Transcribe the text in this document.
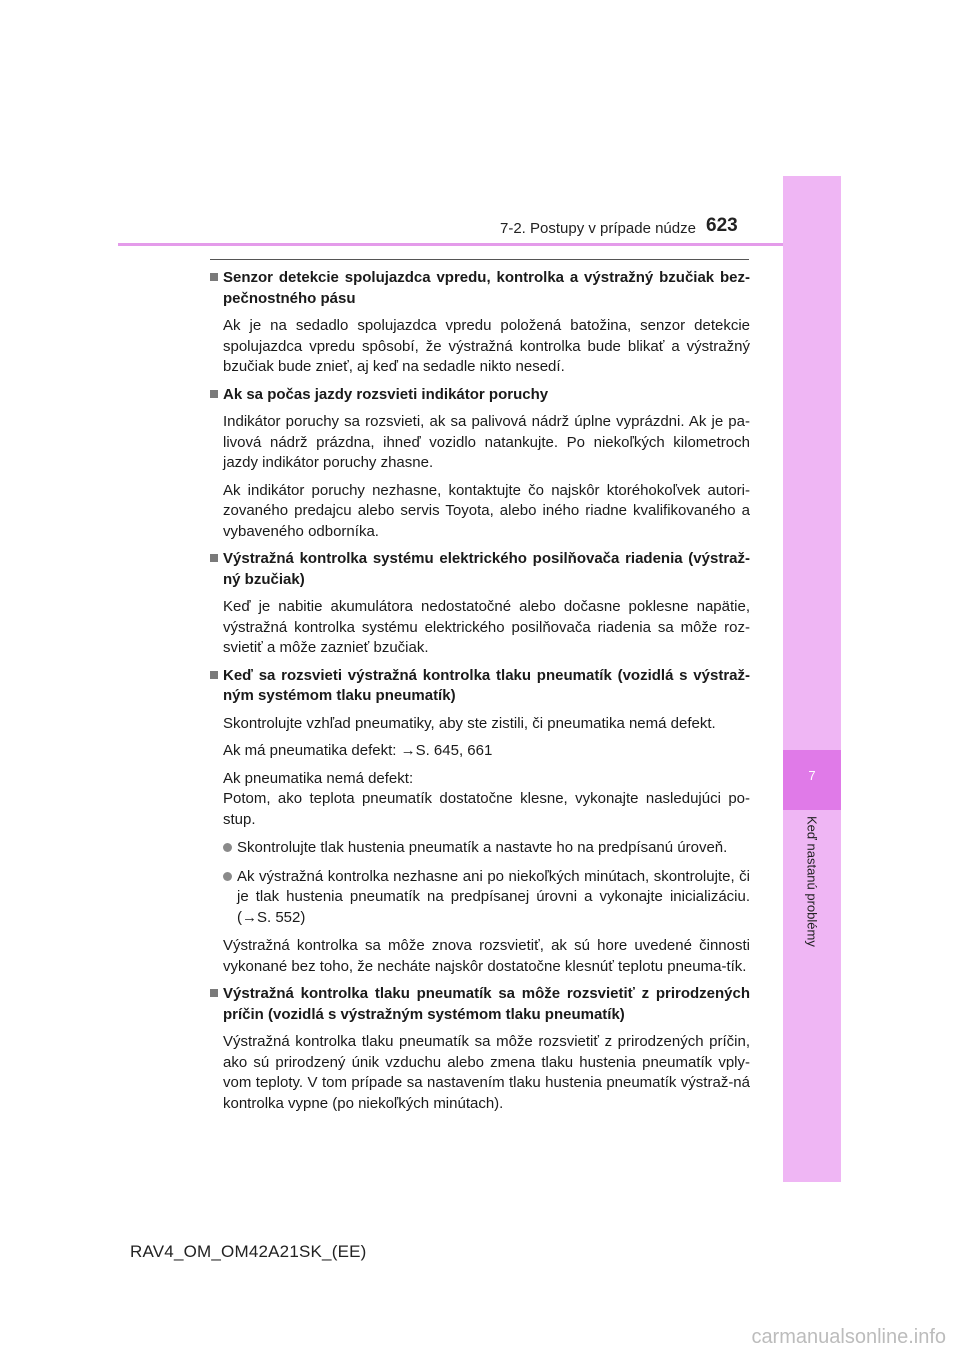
7-2. Postupy v prípade núdze 623
7
Keď nastanú problémy
Senzor detekcie spolujazdca vpredu, kontrolka a výstražný bzučiak bez-pečnostného pásu

Ak je na sedadlo spolujazdca vpredu položená batožina, senzor detekcie spolujazdca vpredu spôsobí, že výstražná kontrolka bude blikať a výstražný bzučiak bude znieť, aj keď na sedadle nikto nesedí.

Ak sa počas jazdy rozsvieti indikátor poruchy

Indikátor poruchy sa rozsvieti, ak sa palivová nádrž úplne vyprázdni. Ak je pa-livová nádrž prázdna, ihneď vozidlo natankujte. Po niekoľkých kilometroch jazdy indikátor poruchy zhasne.

Ak indikátor poruchy nezhasne, kontaktujte čo najskôr ktoréhokoľvek autori-zovaného predajcu alebo servis Toyota, alebo iného riadne kvalifikovaného a vybaveného odborníka.

Výstražná kontrolka systému elektrického posilňovača riadenia (výstraž-ný bzučiak)

Keď je nabitie akumulátora nedostatočné alebo dočasne poklesne napätie, výstražná kontrolka systému elektrického posilňovača riadenia sa môže roz-svietiť a môže zaznieť bzučiak.

Keď sa rozsvieti výstražná kontrolka tlaku pneumatík (vozidlá s výstraž-ným systémom tlaku pneumatík)

Skontrolujte vzhľad pneumatiky, aby ste zistili, či pneumatika nemá defekt.

Ak má pneumatika defekt: →S. 645, 661

Ak pneumatika nemá defekt:
Potom, ako teplota pneumatík dostatočne klesne, vykonajte nasledujúci po-stup.

Skontrolujte tlak hustenia pneumatík a nastavte ho na predpísanú úroveň.
Ak výstražná kontrolka nezhasne ani po niekoľkých minútach, skontrolujte, či je tlak hustenia pneumatík na predpísanej úrovni a vykonajte inicializáciu. (→S. 552)

Výstražná kontrolka sa môže znova rozsvietiť, ak sú hore uvedené činnosti vykonané bez toho, že necháte najskôr dostatočne klesnúť teplotu pneuma-tík.

Výstražná kontrolka tlaku pneumatík sa môže rozsvietiť z prirodzených príčin (vozidlá s výstražným systémom tlaku pneumatík)

Výstražná kontrolka tlaku pneumatík sa môže rozsvietiť z prirodzených príčin, ako sú prirodzený únik vzduchu alebo zmena tlaku hustenia pneumatík vply-vom teploty. V tom prípade sa nastavením tlaku hustenia pneumatík výstraž-ná kontrolka vypne (po niekoľkých minútach).

RAV4_OM_OM42A21SK_(EE)
carmanualsonline.info
